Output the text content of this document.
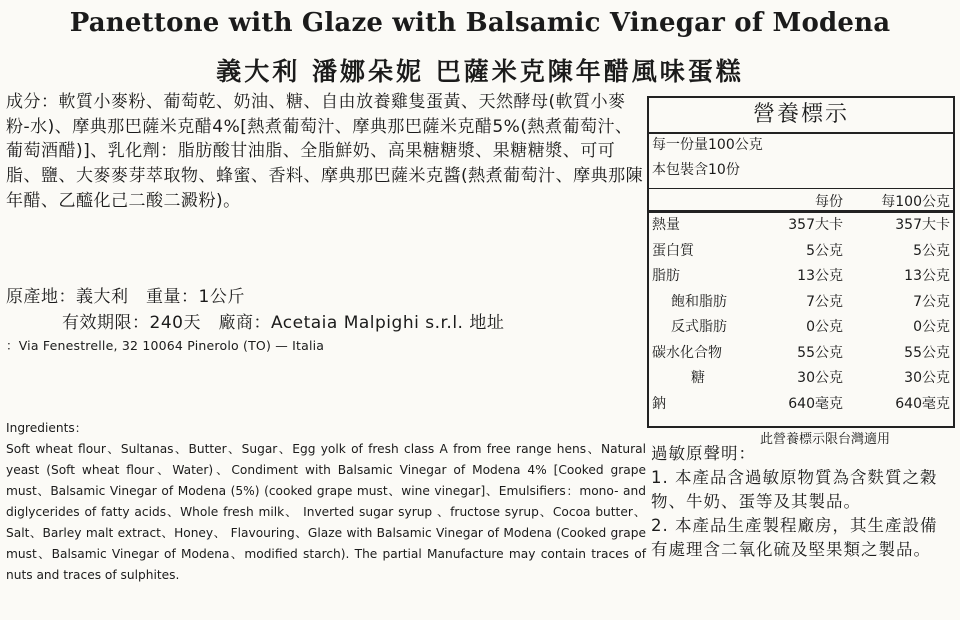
Panettone with Glaze with Balsamic Vinegar of Modena
義大利 潘娜朵妮 巴薩米克陳年醋風味蛋糕
成分：軟質小麥粉、葡萄乾、奶油、糖、自由放養雞隻蛋黃、天然酵母(軟質小麥粉-水)、摩典那巴薩米克醋4%[熱煮葡萄汁、摩典那巴薩米克醋5%(熱煮葡萄汁、葡萄酒醋)]、乳化劑：脂肪酸甘油脂、全脂鮮奶、高果糖糖漿、果糖糖漿、可可脂、鹽、大麥麥芽萃取物、蜂蜜、香料、摩典那巴薩米克醬(熱煮葡萄汁、摩典那陳年醋、乙醯化己二酸二澱粉)。
原產地：義大利　重量：1公斤
有效期限：240天　廠商：Acetaia Malpighi s.r.l. 地址
：Via Fenestrelle, 32 10064 Pinerolo (TO) — Italia
Ingredients：
Soft wheat flour、Sultanas、Butter、Sugar、Egg yolk of fresh class A from free range hens、Natural yeast (Soft wheat flour、Water)、Condiment with Balsamic Vinegar of Modena 4% [Cooked grape must、Balsamic Vinegar of Modena (5%) (cooked grape must、wine vinegar]、Emulsifiers：mono- and diglycerides of fatty acids、Whole fresh milk、 Inverted sugar syrup 、fructose syrup、Cocoa butter、Salt、Barley malt extract、Honey、 Flavouring、Glaze with Balsamic Vinegar of Modena (Cooked grape must、Balsamic Vinegar of Modena、modified starch). The partial Manufacture may contain traces of nuts and traces of sulphites.
營養標示
每一份量100公克
本包裝含10份
每份	每100公克
熱量	357大卡	357大卡
蛋白質	5公克	5公克
脂肪	13公克	13公克
飽和脂肪	7公克	7公克
反式脂肪	0公克	0公克
碳水化合物	55公克	55公克
糖	30公克	30公克
鈉	640毫克	640毫克
此營養標示限台灣適用
過敏原聲明：
1. 本產品含過敏原物質為含麩質之穀物、牛奶、蛋等及其製品。
2. 本產品生產製程廠房，其生產設備有處理含二氧化硫及堅果類之製品。
